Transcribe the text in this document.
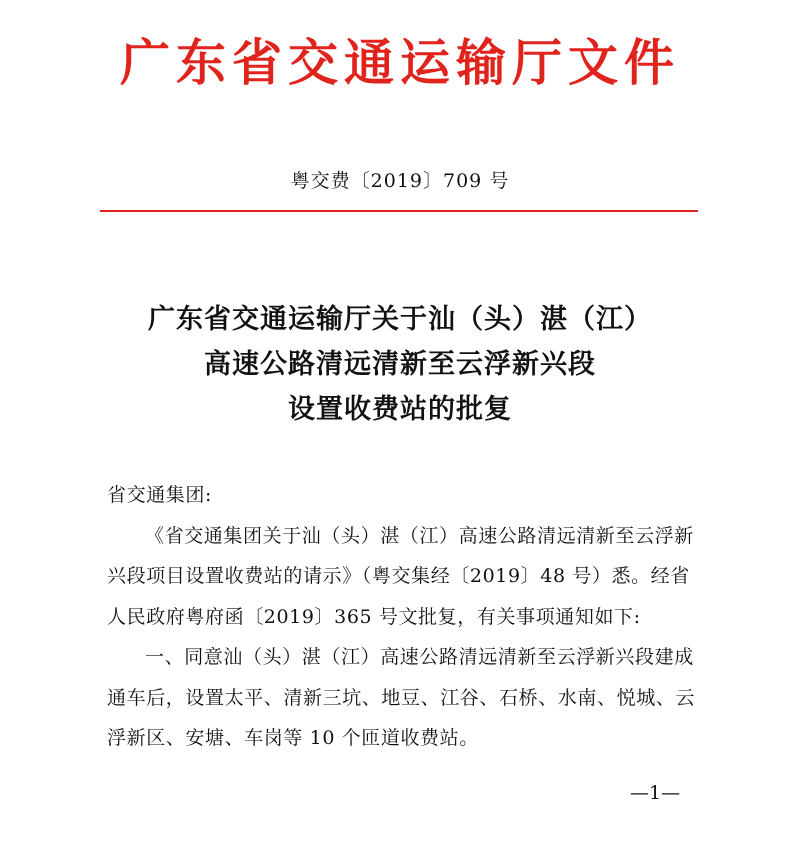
广东省交通运输厅文件
粤交费〔2019〕709 号
广东省交通运输厅关于汕（头）湛（江）
高速公路清远清新至云浮新兴段
设置收费站的批复

省交通集团:

《省交通集团关于汕（头）湛（江）高速公路清远清新至云浮新兴段项目设置收费站的请示》（粤交集经〔2019〕48 号）悉。经省人民政府粤府函〔2019〕365 号文批复，有关事项通知如下:

一、同意汕（头）湛（江）高速公路清远清新至云浮新兴段建成通车后，设置太平、清新三坑、地豆、江谷、石桥、水南、悦城、云浮新区、安塘、车岗等 10 个匝道收费站。

—1—
